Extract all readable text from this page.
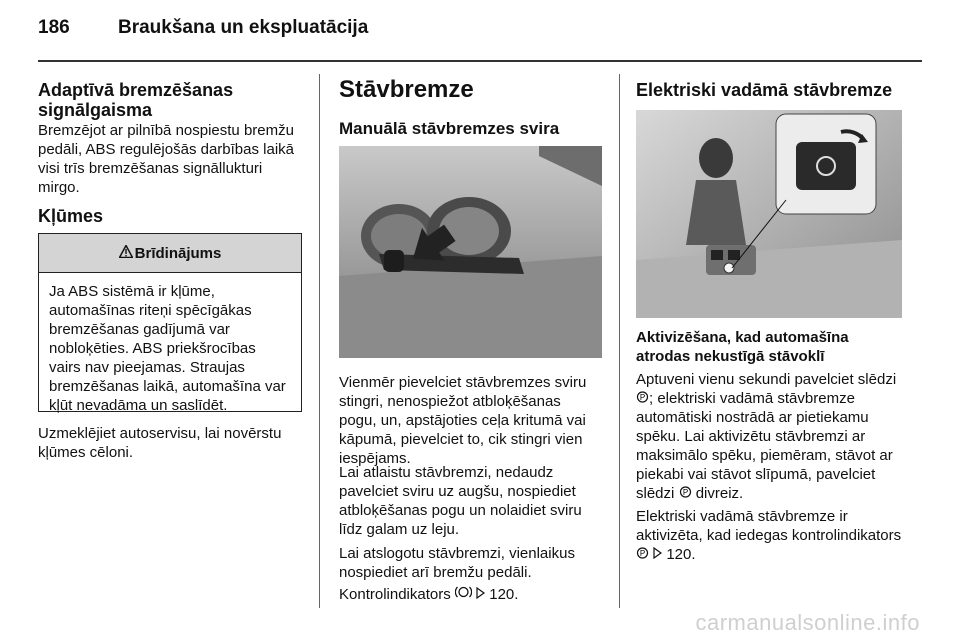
186	Braukšana un ekspluatācija
Adaptīvā bremzēšanas signālgaisma

Bremzējot ar pilnībā nospiestu bremžu pedāli, ABS regulējošās darbības laikā visi trīs bremzēšanas signāllukturi mirgo.

Kļūmes
Brīdinājums
Ja ABS sistēmā ir kļūme, automašīnas riteņi spēcīgākas bremzēšanas gadījumā var nobloķēties. ABS priekšrocības vairs nav pieejamas. Straujas bremzēšanas laikā, automašīna var kļūt nevadāma un saslīdēt.

Uzmeklējiet autoservisu, lai novērstu kļūmes cēloni.

Stāvbremze
Manuālā stāvbremzes svira

Vienmēr pievelciet stāvbremzes sviru stingri, nenospiežot atbloķēšanas pogu, un, apstājoties ceļa kritumā vai kāpumā, pievelciet to, cik stingri vien iespējams.

Lai atlaistu stāvbremzi, nedaudz pavelciet sviru uz augšu, nospiediet atbloķēšanas pogu un nolaidiet sviru līdz galam uz leju.

Lai atslogotu stāvbremzi, vienlaikus nospiediet arī bremžu pedāli.

Kontrolindikators	120.

Elektriski vadāmā stāvbremze

Aktivizēšana, kad automašīna atrodas nekustīgā stāvoklī

Aptuveni vienu sekundi pavelciet slēdzi
P ; elektriski vadāmā stāvbremze automātiski nostrādā ar pietiekamu spēku. Lai aktivizētu stāvbremzi ar maksimālo spēku, piemēram, stāvot ar piekabi vai stāvot slīpumā, pavelciet slēdzi P divreiz.

Elektriski vadāmā stāvbremze ir aktivizēta, kad iedegas kontrolindikators
P 120.

carmanualsonline.info
